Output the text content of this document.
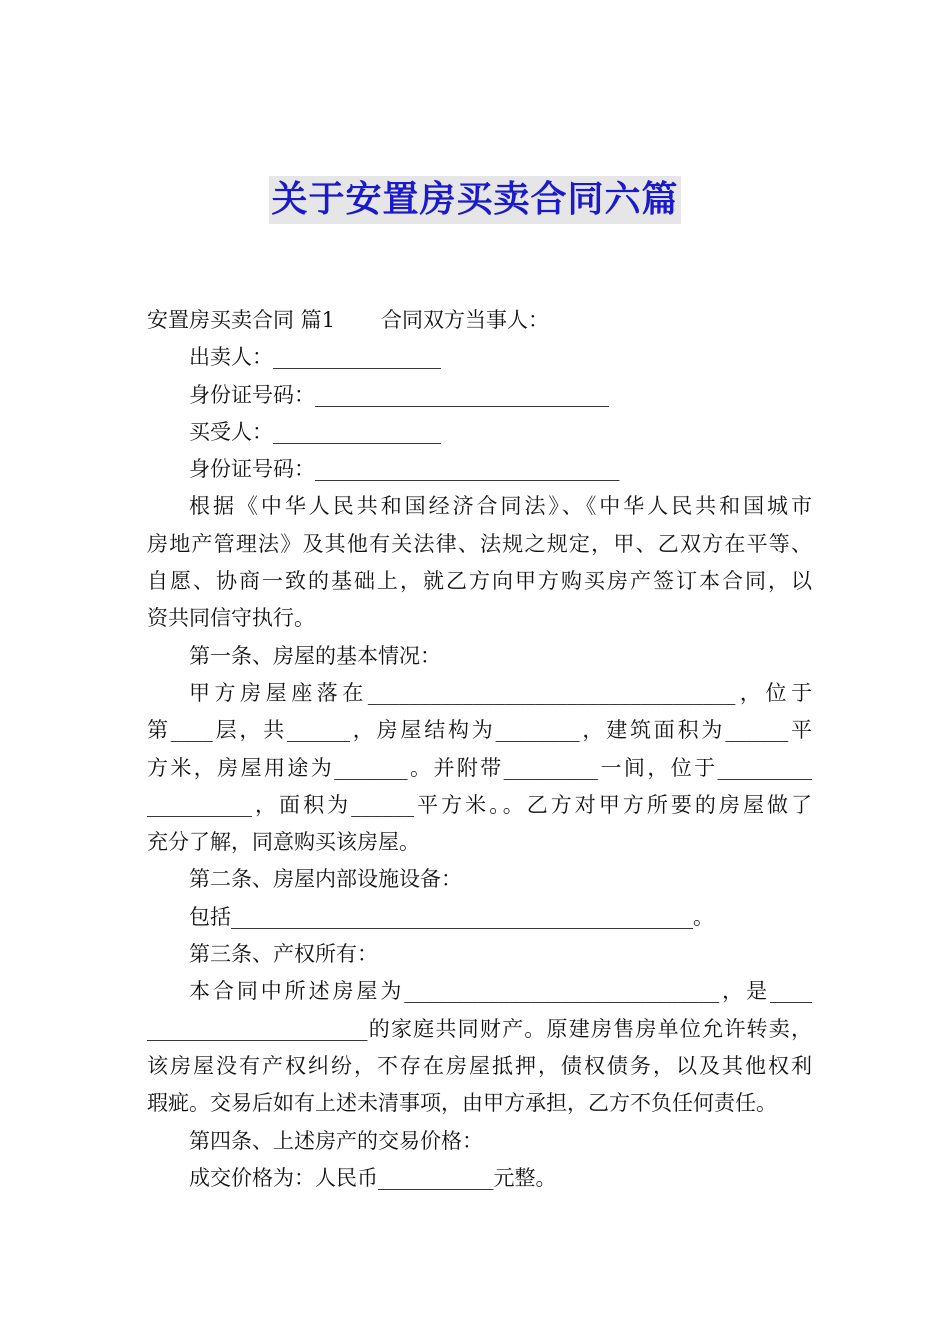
关于安置房买卖合同六篇
安置房买卖合同 篇1 合同双方当事人：
出卖人：________________
身份证号码：____________________________
买受人：________________
身份证号码：_____________________________
根据《中华人民共和国经济合同法》、《中华人民共和国城市
房地产管理法》及其他有关法律、法规之规定，甲、乙双方在平等、
自愿、协商一致的基础上，就乙方向甲方购买房产签订本合同，以
资共同信守执行。
第一条、房屋的基本情况：
甲方房屋座落在___________________________________，位于
第____层，共______，房屋结构为________，建筑面积为______平
方米，房屋用途为_______。并附带_________一间，位于_________
__________，面积为______平方米。。乙方对甲方所要的房屋做了
充分了解，同意购买该房屋。
第二条、房屋内部设施设备：
包括____________________________________________。
第三条、产权所有：
本合同中所述房屋为______________________________，是____
_____________________的家庭共同财产。原建房售房单位允许转卖，
该房屋没有产权纠纷，不存在房屋抵押，债权债务，以及其他权利
瑕疵。交易后如有上述未清事项，由甲方承担，乙方不负任何责任。
第四条、上述房产的交易价格：
成交价格为：人民币___________元整。
